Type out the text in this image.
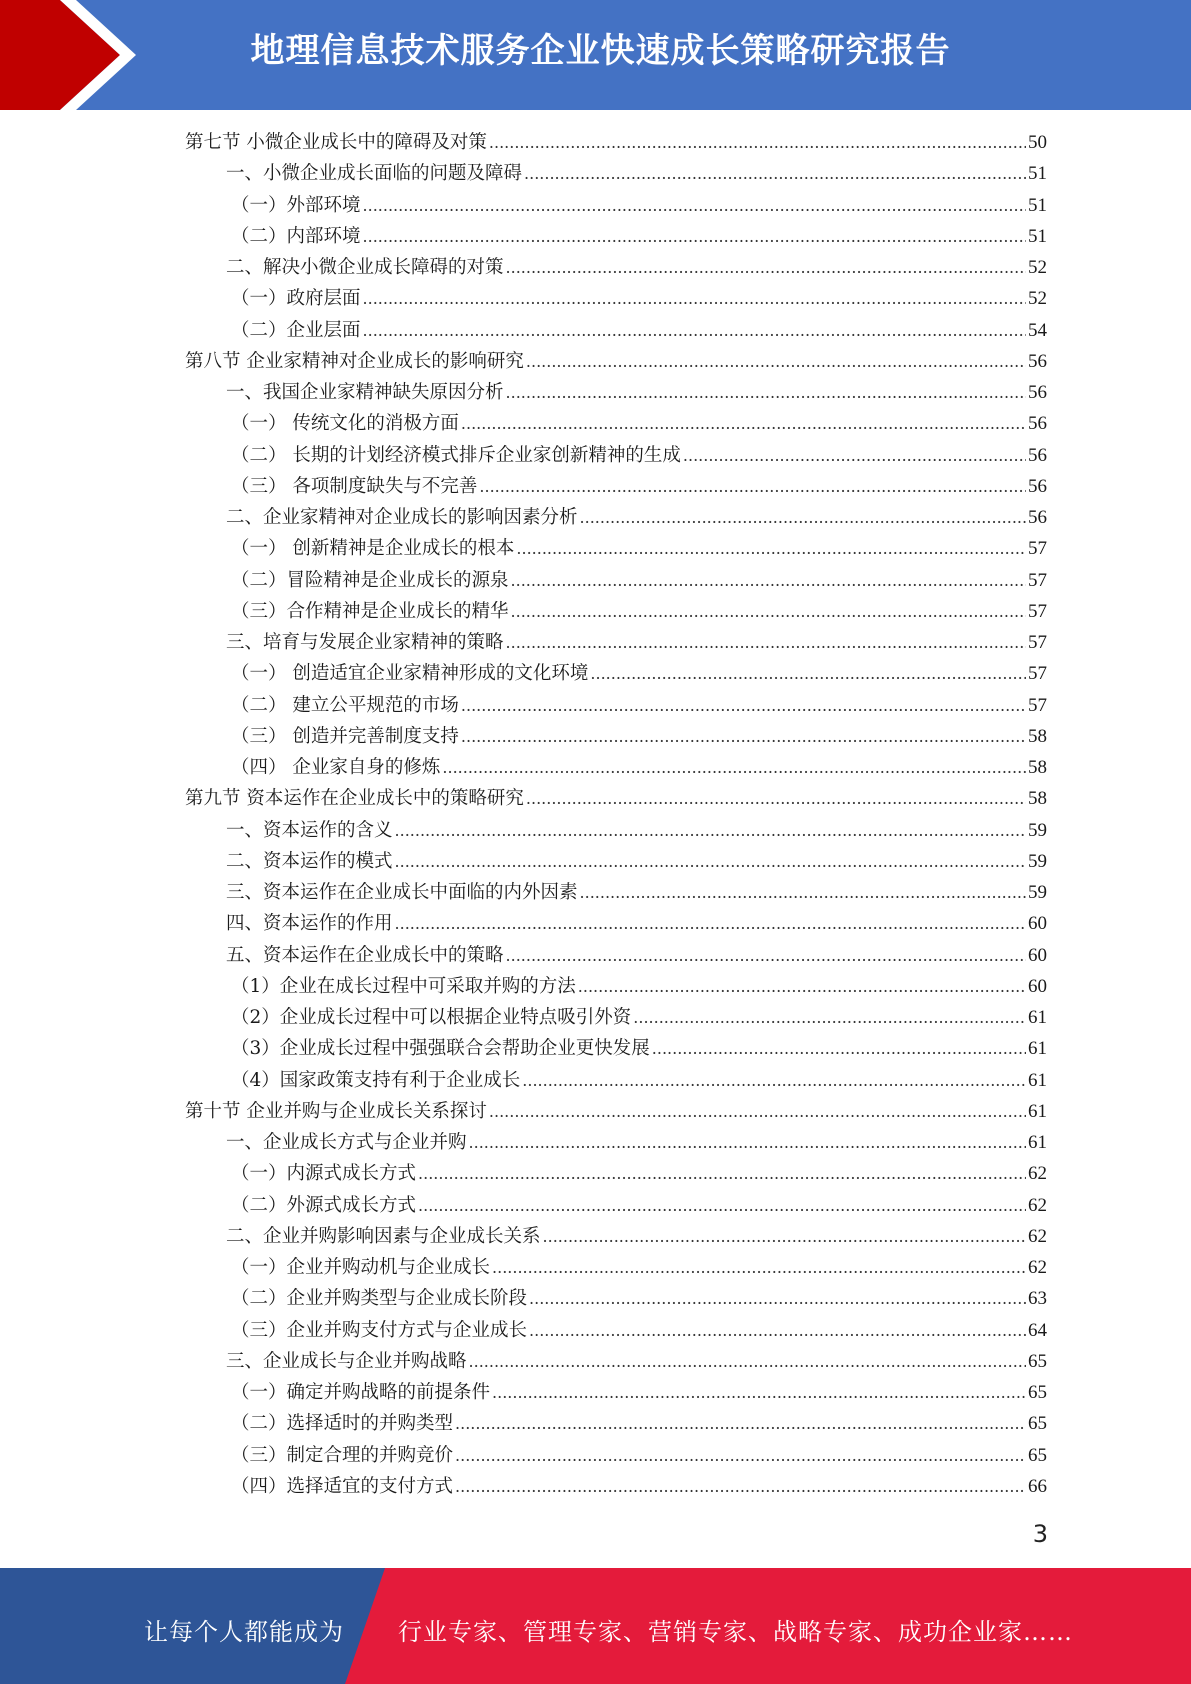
地理信息技术服务企业快速成长策略研究报告
第七节 小微企业成长中的障碍及对策 .....	50
一、小微企业成长面临的问题及障碍 .....	51
（一）外部环境 .....	51
（二）内部环境 .....	51
二、解决小微企业成长障碍的对策 .....	52
（一）政府层面 .....	52
（二）企业层面 .....	54
第八节 企业家精神对企业成长的影响研究 .....	56
一、我国企业家精神缺失原因分析 .....	56
（一） 传统文化的消极方面 .....	56
（二） 长期的计划经济模式排斥企业家创新精神的生成 .....	56
（三） 各项制度缺失与不完善 .....	56
二、企业家精神对企业成长的影响因素分析 .....	56
（一） 创新精神是企业成长的根本 .....	57
（二）冒险精神是企业成长的源泉 .....	57
（三）合作精神是企业成长的精华 .....	57
三、培育与发展企业家精神的策略 .....	57
（一） 创造适宜企业家精神形成的文化环境 .....	57
（二） 建立公平规范的市场 .....	57
（三） 创造并完善制度支持 .....	58
（四） 企业家自身的修炼 .....	58
第九节 资本运作在企业成长中的策略研究 .....	58
一、资本运作的含义 .....	59
二、资本运作的模式 .....	59
三、资本运作在企业成长中面临的内外因素 .....	59
四、资本运作的作用 .....	60
五、资本运作在企业成长中的策略 .....	60
（1）企业在成长过程中可采取并购的方法 .....	60
（2）企业成长过程中可以根据企业特点吸引外资 .....	61
（3）企业成长过程中强强联合会帮助企业更快发展 .....	61
（4）国家政策支持有利于企业成长 .....	61
第十节 企业并购与企业成长关系探讨 .....	61
一、企业成长方式与企业并购 .....	61
（一）内源式成长方式 .....	62
（二）外源式成长方式 .....	62
二、企业并购影响因素与企业成长关系 .....	62
（一）企业并购动机与企业成长 .....	62
（二）企业并购类型与企业成长阶段 .....	63
（三）企业并购支付方式与企业成长 .....	64
三、企业成长与企业并购战略 .....	65
（一）确定并购战略的前提条件 .....	65
（二）选择适时的并购类型 .....	65
（三）制定合理的并购竞价 .....	65
（四）选择适宜的支付方式 .....	66
3
让每个人都能成为 行业专家、管理专家、营销专家、战略专家、成功企业家……
